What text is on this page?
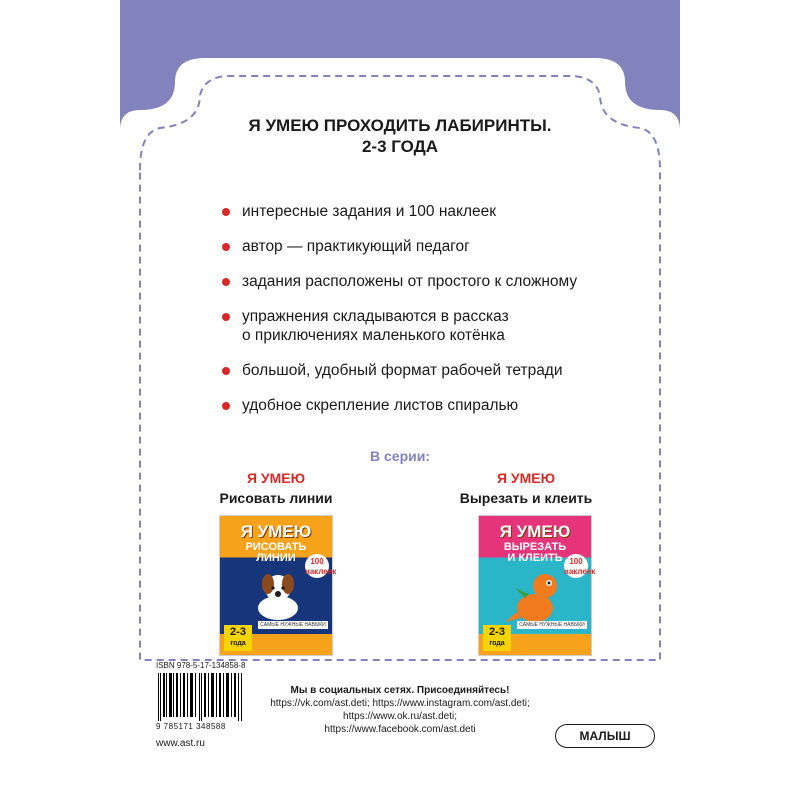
Я УМЕЮ ПРОХОДИТЬ ЛАБИРИНТЫ.
2-3 ГОДА
интересные задания и 100 наклеек
автор — практикующий педагог
задания расположены от простого к сложному
упражнения складываются в рассказ
о приключениях маленького котёнка
большой, удобный формат рабочей тетради
удобное скрепление листов спиралью
В серии:
Я УМЕЮ
Рисовать линии
Я УМЕЮ
Вырезать и клеить
Я УМЕЮ
РИСОВАТЬ
ЛИНИИ	100 наклеек
САМЫЕ НУЖНЫЕ НАВЫКИ
2-3
года
Я УМЕЮ
ВЫРЕЗАТЬ
И КЛЕИТЬ 100 наклеек
САМЫЕ НУЖНЫЕ НАВЫКИ
2-3
года
ISBN 978-5-17-134858-8
9 785171 348588
www.ast.ru
Мы в социальных сетях. Присоединяйтесь!
https://vk.com/ast.deti; https://www.instagram.com/ast.deti;
https://www.ok.ru/ast.deti;
https://www.facebook.com/ast.deti	МАЛЫШ
